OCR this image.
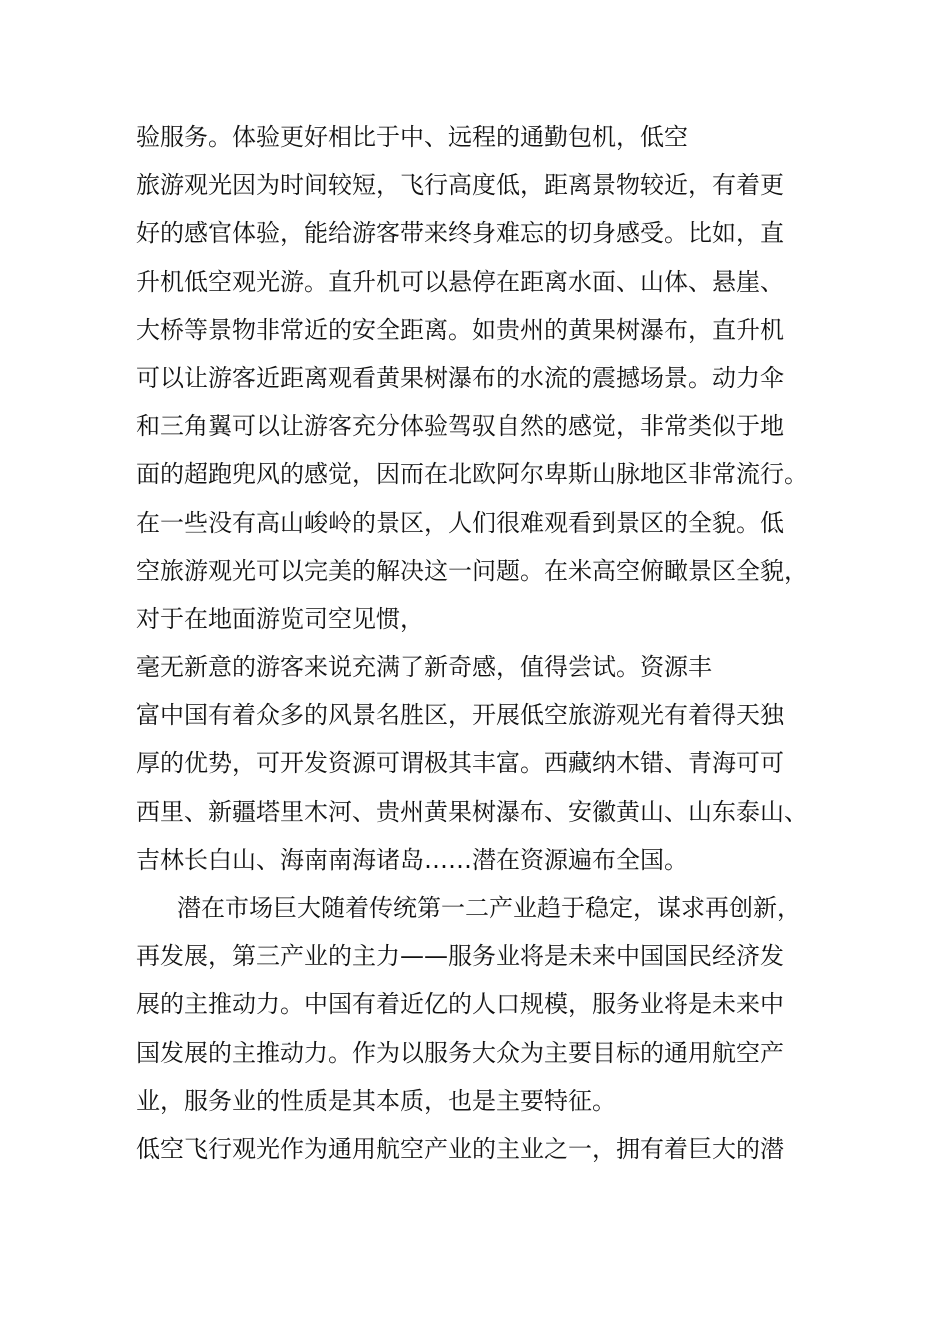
验服务。体验更好相比于中、远程的通勤包机，低空
旅游观光因为时间较短，飞行高度低，距离景物较近，有着更
好的感官体验，能给游客带来终身难忘的切身感受。比如，直
升机低空观光游。直升机可以悬停在距离水面、山体、悬崖、
大桥等景物非常近的安全距离。如贵州的黄果树瀑布，直升机
可以让游客近距离观看黄果树瀑布的水流的震撼场景。动力伞
和三角翼可以让游客充分体验驾驭自然的感觉，非常类似于地
面的超跑兜风的感觉，因而在北欧阿尔卑斯山脉地区非常流行。
在一些没有高山峻岭的景区，人们很难观看到景区的全貌。低
空旅游观光可以完美的解决这一问题。在米高空俯瞰景区全貌，
对于在地面游览司空见惯，
毫无新意的游客来说充满了新奇感，值得尝试。资源丰
富中国有着众多的风景名胜区，开展低空旅游观光有着得天独
厚的优势，可开发资源可谓极其丰富。西藏纳木错、青海可可
西里、新疆塔里木河、贵州黄果树瀑布、安徽黄山、山东泰山、
吉林长白山、海南南海诸岛……潜在资源遍布全国。
潜在市场巨大随着传统第一二产业趋于稳定，谋求再创新，
再发展，第三产业的主力——服务业将是未来中国国民经济发
展的主推动力。中国有着近亿的人口规模，服务业将是未来中
国发展的主推动力。作为以服务大众为主要目标的通用航空产
业，服务业的性质是其本质，也是主要特征。
低空飞行观光作为通用航空产业的主业之一，拥有着巨大的潜
